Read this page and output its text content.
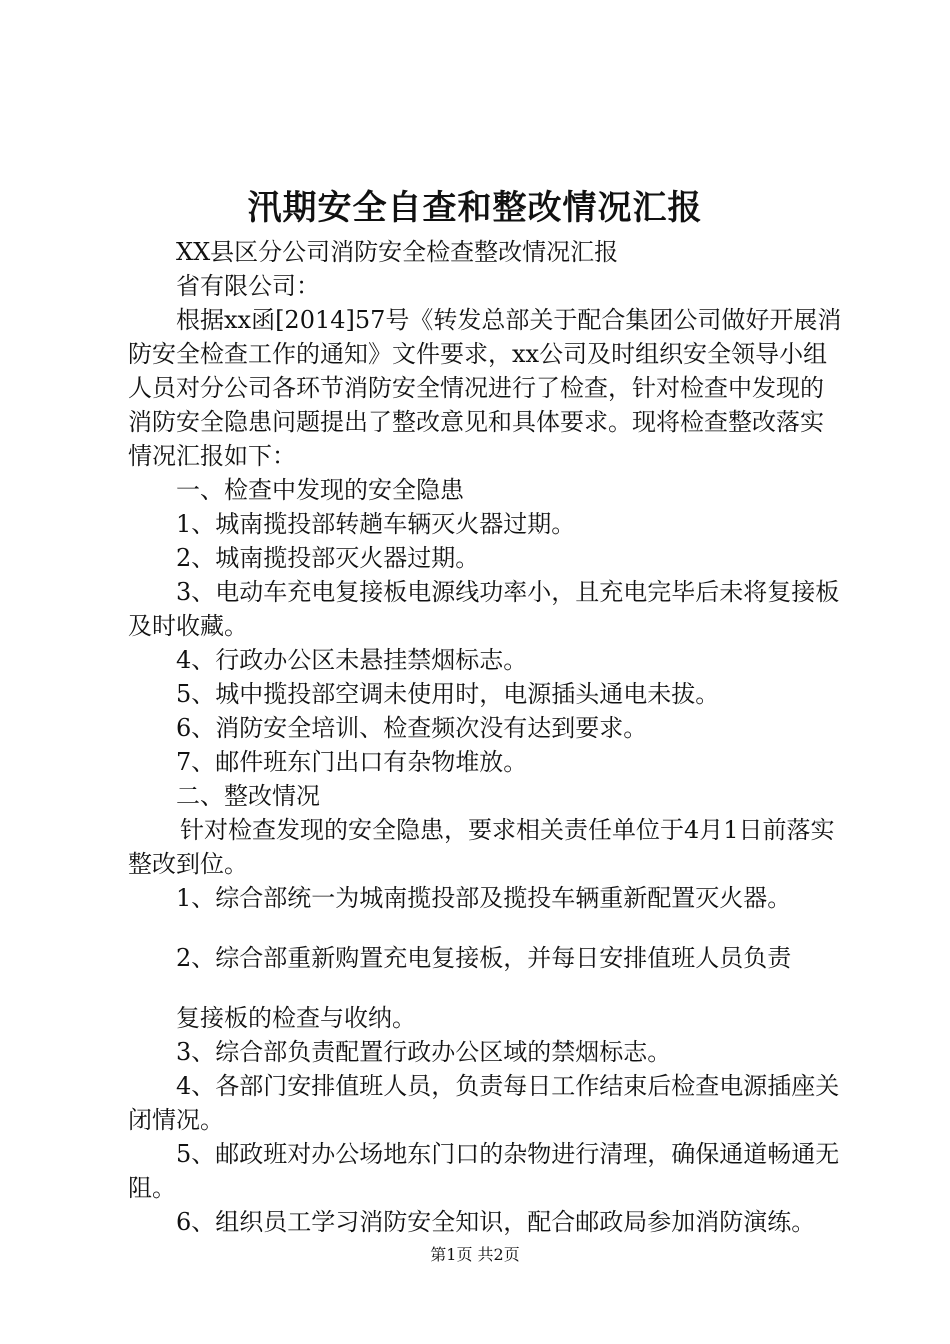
汛期安全自查和整改情况汇报

XX县区分公司消防安全检查整改情况汇报

省有限公司：

根据xx函[2014]57号《转发总部关于配合集团公司做好开展消防安全检查工作的通知》文件要求，xx公司及时组织安全领导小组人员对分公司各环节消防安全情况进行了检查，针对检查中发现的消防安全隐患问题提出了整改意见和具体要求。现将检查整改落实情况汇报如下：

一、检查中发现的安全隐患

1、城南揽投部转趟车辆灭火器过期。

2、城南揽投部灭火器过期。

3、电动车充电复接板电源线功率小，且充电完毕后未将复接板及时收藏。

4、行政办公区未悬挂禁烟标志。

5、城中揽投部空调未使用时，电源插头通电未拔。

6、消防安全培训、检查频次没有达到要求。

7、邮件班东门出口有杂物堆放。

二、整改情况

针对检查发现的安全隐患，要求相关责任单位于4月1日前落实整改到位。

1、综合部统一为城南揽投部及揽投车辆重新配置灭火器。

2、综合部重新购置充电复接板，并每日安排值班人员负责

复接板的检查与收纳。

3、综合部负责配置行政办公区域的禁烟标志。

4、各部门安排值班人员，负责每日工作结束后检查电源插座关闭情况。

5、邮政班对办公场地东门口的杂物进行清理，确保通道畅通无阻。

6、组织员工学习消防安全知识，配合邮政局参加消防演练。

第1页 共2页
